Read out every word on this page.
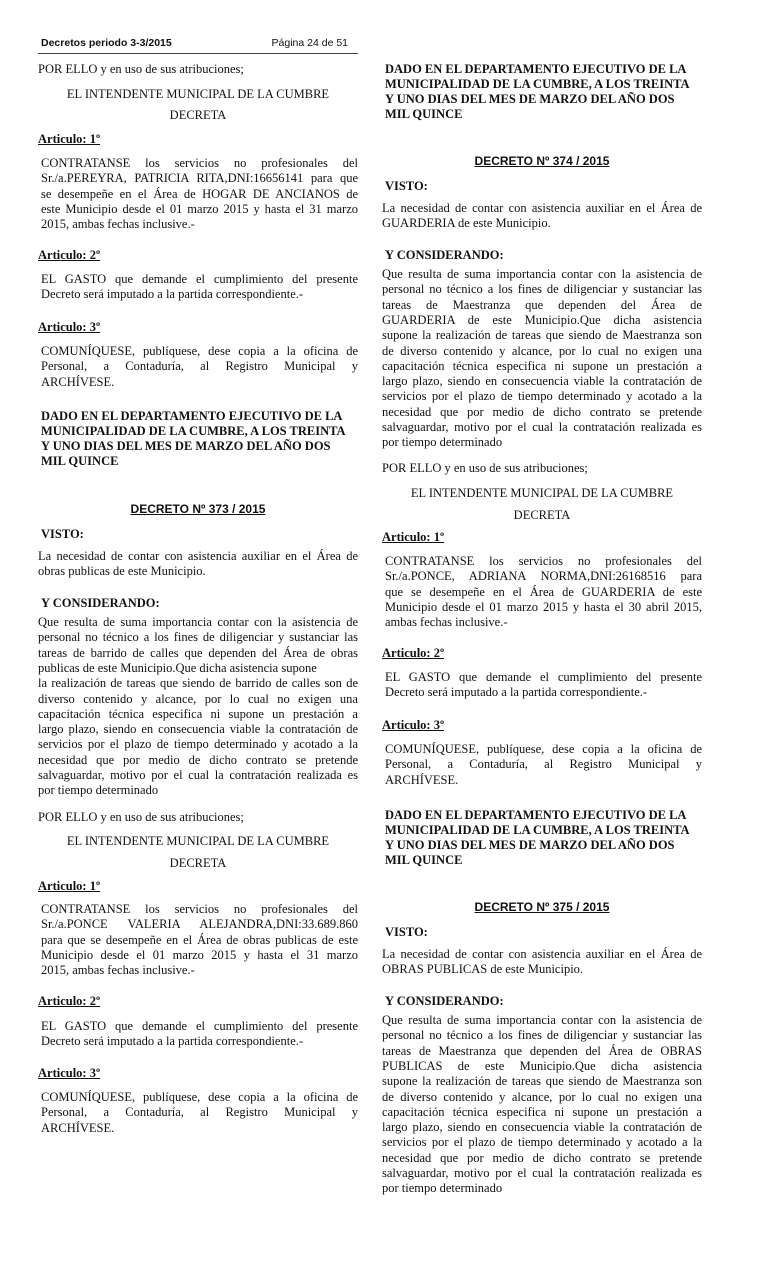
Decretos periodo 3-3/2015	Página 24 de 51
POR ELLO y en uso de sus atribuciones;
EL INTENDENTE MUNICIPAL DE LA CUMBRE
DECRETA
Articulo: 1º
CONTRATANSE los servicios no profesionales del
Sr./a.PEREYRA, PATRICIA RITA,DNI:16656141 para que
se desempeñe en el Área de HOGAR DE ANCIANOS de
este Municipio desde el 01 marzo 2015 y hasta el 31 marzo
2015, ambas fechas inclusive.-
Articulo: 2º
EL GASTO que demande el cumplimiento del presente
Decreto será imputado a la partida correspondiente.-
Articulo: 3º
COMUNÍQUESE, publíquese, dese copia a la oficina de
Personal, a Contaduría, al Registro Municipal y
ARCHÍVESE.
DADO EN EL DEPARTAMENTO EJECUTIVO DE LA MUNICIPALIDAD DE LA CUMBRE, A LOS TREINTA Y UNO DIAS DEL MES DE MARZO DEL AÑO DOS MIL QUINCE
DECRETO Nº 373 / 2015
VISTO:
La necesidad de contar con asistencia auxiliar en el Área de
obras publicas de este Municipio.
Y CONSIDERANDO:
Que resulta de suma importancia contar con la asistencia de
personal no técnico a los fines de diligenciar y sustanciar las
tareas de barrido de calles que dependen del Área de obras
publicas de este Municipio.Que dicha asistencia supone
la realización de tareas que siendo de barrido de calles son de
diverso contenido y alcance, por lo cual no exigen una
capacitación técnica especifica ni supone un prestación a
largo plazo, siendo en consecuencia viable la contratación de
servicios por el plazo de tiempo determinado y acotado a la
necesidad que por medio de dicho contrato se pretende
salvaguardar, motivo por el cual la contratación realizada es
por tiempo determinado
POR ELLO y en uso de sus atribuciones;
EL INTENDENTE MUNICIPAL DE LA CUMBRE
DECRETA
Articulo: 1º
CONTRATANSE los servicios no profesionales del
Sr./a.PONCE VALERIA ALEJANDRA,DNI:33.689.860
para que se desempeñe en el Área de obras publicas de este
Municipio desde el 01 marzo 2015 y hasta el 31 marzo
2015, ambas fechas inclusive.-
Articulo: 2º
EL GASTO que demande el cumplimiento del presente
Decreto será imputado a la partida correspondiente.-
Articulo: 3º
COMUNÍQUESE, publíquese, dese copia a la oficina de
Personal, a Contaduría, al Registro Municipal y
ARCHÍVESE.
DADO EN EL DEPARTAMENTO EJECUTIVO DE LA MUNICIPALIDAD DE LA CUMBRE, A LOS TREINTA Y UNO DIAS DEL MES DE MARZO DEL AÑO DOS MIL QUINCE
DECRETO Nº 374 / 2015
VISTO:
La necesidad de contar con asistencia auxiliar en el Área de
GUARDERIA de este Municipio.
Y CONSIDERANDO:
Que resulta de suma importancia contar con la asistencia de
personal no técnico a los fines de diligenciar y sustanciar las
tareas de Maestranza que dependen del Área de
GUARDERIA de este Municipio.Que dicha asistencia
supone la realización de tareas que siendo de Maestranza son
de diverso contenido y alcance, por lo cual no exigen una
capacitación técnica especifica ni supone un prestación a
largo plazo, siendo en consecuencia viable la contratación de
servicios por el plazo de tiempo determinado y acotado a la
necesidad que por medio de dicho contrato se pretende
salvaguardar, motivo por el cual la contratación realizada es
por tiempo determinado
POR ELLO y en uso de sus atribuciones;
EL INTENDENTE MUNICIPAL DE LA CUMBRE
DECRETA
Articulo: 1º
CONTRATANSE los servicios no profesionales del
Sr./a.PONCE, ADRIANA NORMA,DNI:26168516 para
que se desempeñe en el Área de GUARDERIA de este
Municipio desde el 01 marzo 2015 y hasta el 30 abril 2015,
ambas fechas inclusive.-
Articulo: 2º
EL GASTO que demande el cumplimiento del presente
Decreto será imputado a la partida correspondiente.-
Articulo: 3º
COMUNÍQUESE, publíquese, dese copia a la oficina de
Personal, a Contaduría, al Registro Municipal y
ARCHÍVESE.
DADO EN EL DEPARTAMENTO EJECUTIVO DE LA MUNICIPALIDAD DE LA CUMBRE, A LOS TREINTA Y UNO DIAS DEL MES DE MARZO DEL AÑO DOS MIL QUINCE
DECRETO Nº 375 / 2015
VISTO:
La necesidad de contar con asistencia auxiliar en el Área de
OBRAS PUBLICAS de este Municipio.
Y CONSIDERANDO:
Que resulta de suma importancia contar con la asistencia de
personal no técnico a los fines de diligenciar y sustanciar las
tareas de Maestranza que dependen del Área de OBRAS
PUBLICAS de este Municipio.Que dicha asistencia
supone la realización de tareas que siendo de Maestranza son
de diverso contenido y alcance, por lo cual no exigen una
capacitación técnica especifica ni supone un prestación a
largo plazo, siendo en consecuencia viable la contratación de
servicios por el plazo de tiempo determinado y acotado a la
necesidad que por medio de dicho contrato se pretende
salvaguardar, motivo por el cual la contratación realizada es
por tiempo determinado
